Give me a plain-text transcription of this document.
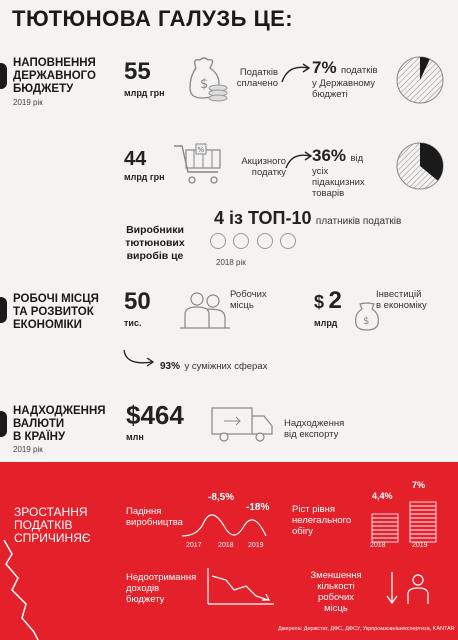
ТЮТЮНОВА ГАЛУЗЬ ЦЕ:
НАПОВНЕННЯ
ДЕРЖАВНОГО
БЮДЖЕТУ
2019 рік
55
млрд грн
$
Податків
сплачено
7% податків
у Державному
бюджеті
44
млрд грн
%
Акцизного
податку
36% від
усіх
підакцизних
товарів
Виробники
тютюнових
виробів це
4 із ТОП-10 платників податків

2018 рік
РОБОЧІ МІСЦЯ
ТА РОЗВИТОК
ЕКОНОМІКИ
50
тис.
Робочих
місць	$ 2
млрд	$
Інвестицій
в економіку
93% у суміжних сферах
НАДХОДЖЕННЯ
ВАЛЮТИ
В КРАЇНУ
2019 рік
$464
млн
Надходження
від експорту
ЗРОСТАННЯ
ПОДАТКІВ
СПРИЧИНЯЄ
Падіння
виробництва
-8,5%
-18%
2017 2018 2019
Ріст рівня
нелегального
обігу
4,4%
7%
2018	2019
Недоотримання
доходів
бюджету
Зменшення
кількості
робочих
місць
Джерела: Держстат, ДФС, ДФСУ, Укрпромзовнішекспертиза, KANTAR
